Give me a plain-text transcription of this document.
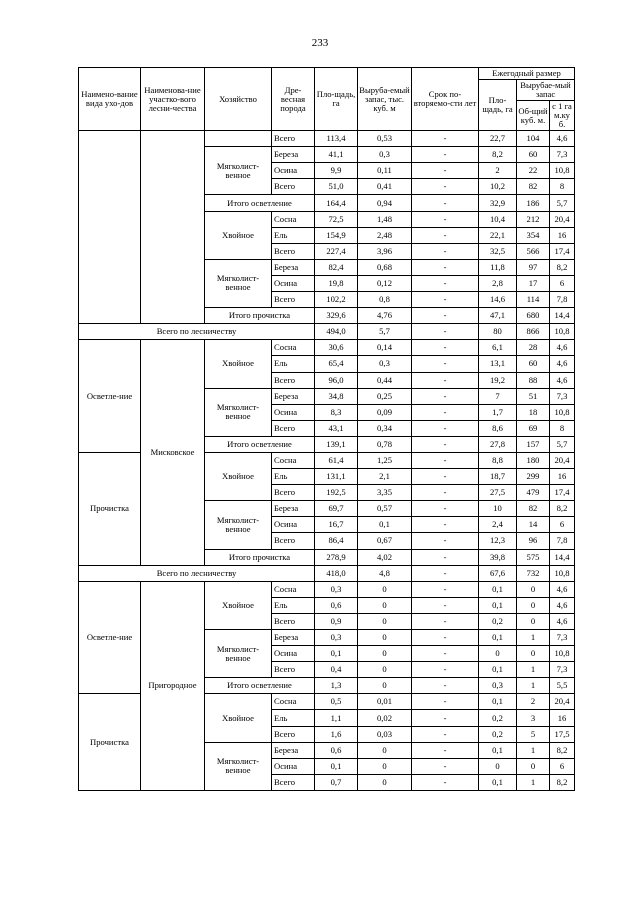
233
Наимено-вание вида ухо-дов	Наименова-ние участко-вого лесни-чества	Хозяйство	Дре-весная порода	Пло-щадь, га	Выруба-емый запас, тыс. куб. м	Срок по-вторяемо-сти лет	Ежегодный размер		
							Пло-щадь, га	Вырубае-мый запас	
								Об-щий куб. м.	с 1 га м.ку б.
			Всего	113,4	0,53	-	22,7	104	4,6
		Мягколист-венное	Береза	41,1	0,3	-	8,2	60	7,3
			Осина	9,9	0,11	-	2	22	10,8
			Всего	51,0	0,41	-	10,2	82	8
		Итого осветление		164,4	0,94	-	32,9	186	5,7
		Хвойное	Сосна	72,5	1,48	-	10,4	212	20,4
			Ель	154,9	2,48	-	22,1	354	16
			Всего	227,4	3,96	-	32,5	566	17,4
		Мягколист-венное	Береза	82,4	0,68	-	11,8	97	8,2
			Осина	19,8	0,12	-	2,8	17	6
			Всего	102,2	0,8	-	14,6	114	7,8
		Итого прочистка		329,6	4,76	-	47,1	680	14,4
Всего по лесничеству				494,0	5,7	-	80	866	10,8
Осветле-ние	Мисковское	Хвойное	Сосна	30,6	0,14	-	6,1	28	4,6
			Ель	65,4	0,3	-	13,1	60	4,6
			Всего	96,0	0,44	-	19,2	88	4,6
		Мягколист-венное	Береза	34,8	0,25	-	7	51	7,3
			Осина	8,3	0,09	-	1,7	18	10,8
			Всего	43,1	0,34	-	8,6	69	8
		Итого осветление		139,1	0,78	-	27,8	157	5,7
Прочистка		Хвойное	Сосна	61,4	1,25	-	8,8	180	20,4
			Ель	131,1	2,1	-	18,7	299	16
			Всего	192,5	3,35	-	27,5	479	17,4
		Мягколист-венное	Береза	69,7	0,57	-	10	82	8,2
			Осина	16,7	0,1	-	2,4	14	6
			Всего	86,4	0,67	-	12,3	96	7,8
		Итого прочистка		278,9	4,02	-	39,8	575	14,4
Всего по лесничеству				418,0	4,8	-	67,6	732	10,8
Осветле-ние	Пригородное	Хвойное	Сосна	0,3	0	-	0,1	0	4,6
			Ель	0,6	0	-	0,1	0	4,6
			Всего	0,9	0	-	0,2	0	4,6
		Мягколист-венное	Береза	0,3	0	-	0,1	1	7,3
			Осина	0,1	0	-	0	0	10,8
			Всего	0,4	0	-	0,1	1	7,3
		Итого осветление		1,3	0	-	0,3	1	5,5
Прочистка		Хвойное	Сосна	0,5	0,01	-	0,1	2	20,4
			Ель	1,1	0,02	-	0,2	3	16
			Всего	1,6	0,03	-	0,2	5	17,5
		Мягколист-венное	Береза	0,6	0	-	0,1	1	8,2
			Осина	0,1	0	-	0	0	6
			Всего	0,7	0	-	0,1	1	8,2
